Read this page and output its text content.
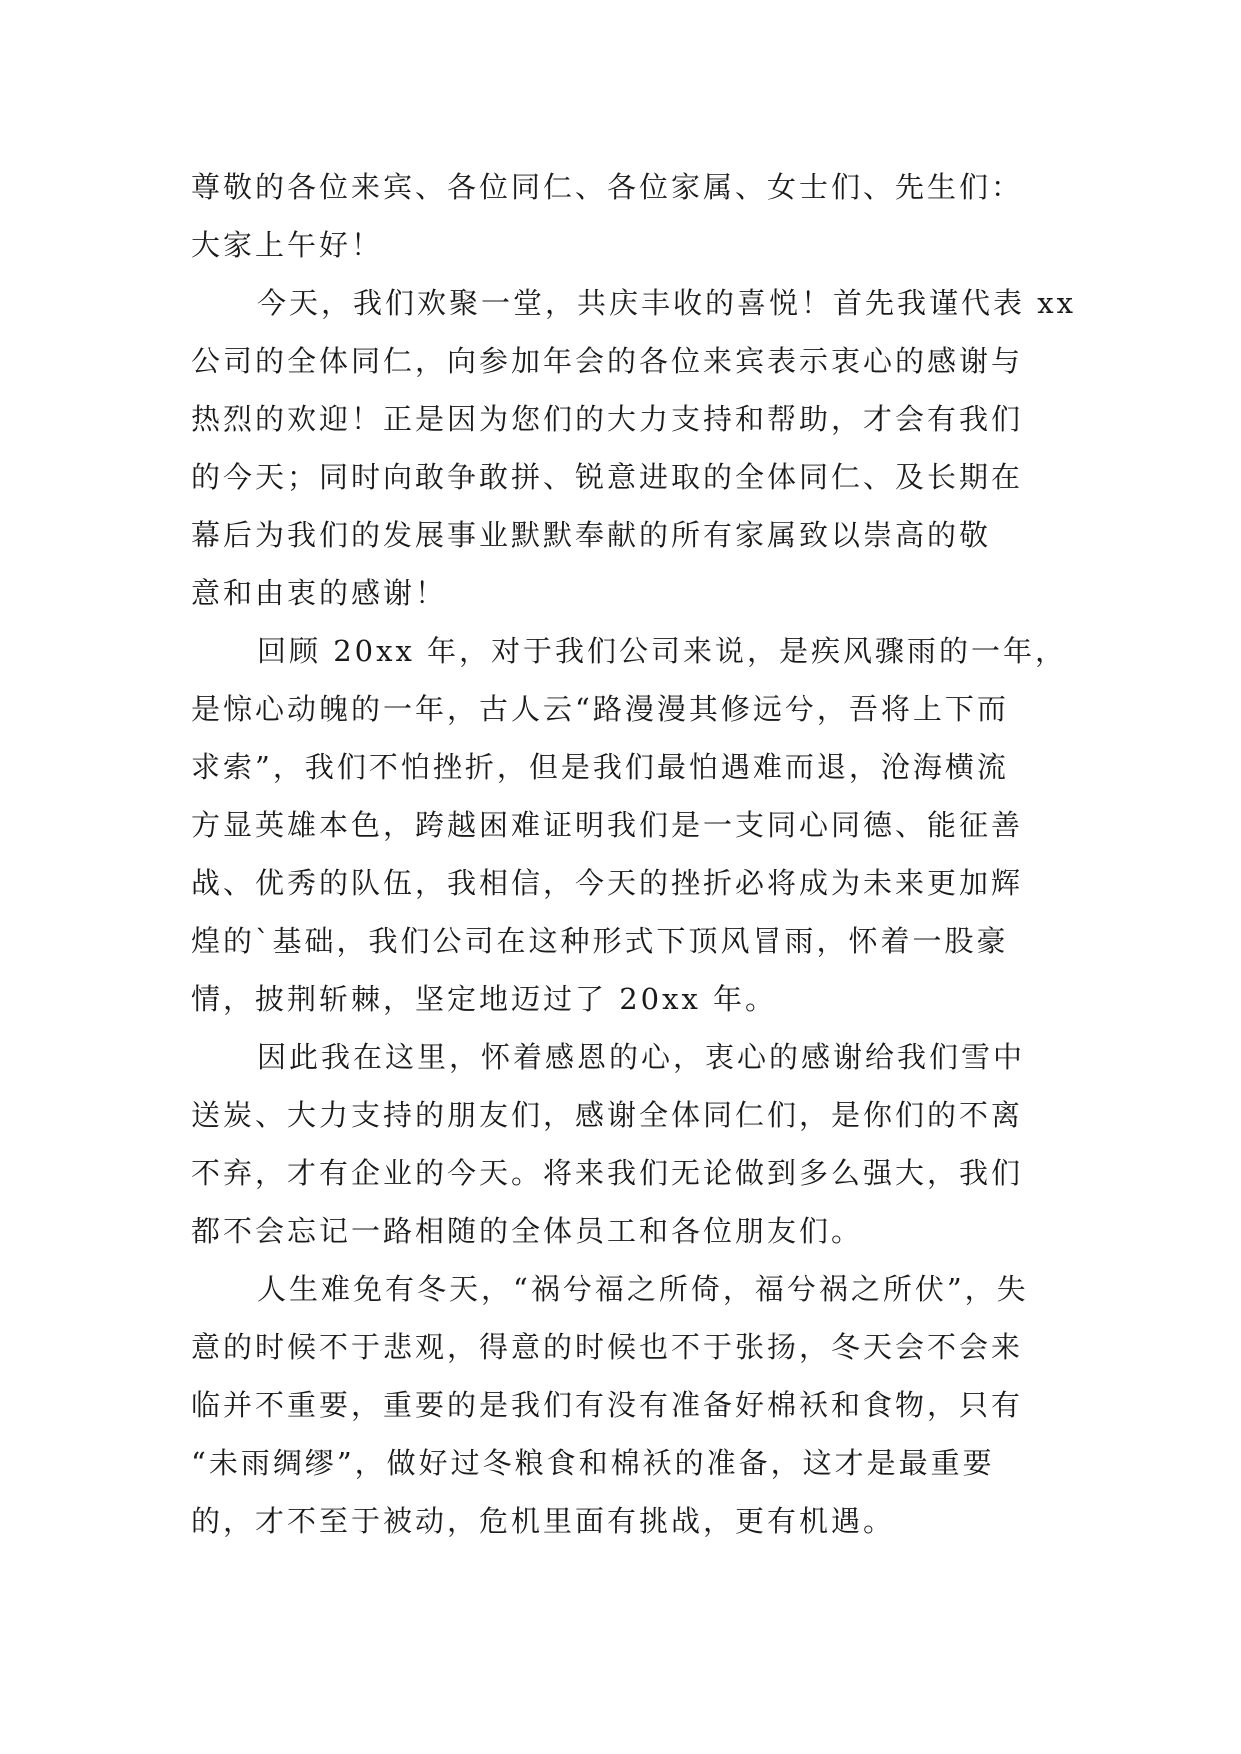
尊敬的各位来宾、各位同仁、各位家属、女士们、先生们：
大家上午好！
今天，我们欢聚一堂，共庆丰收的喜悦！首先我谨代表 xx
公司的全体同仁，向参加年会的各位来宾表示衷心的感谢与
热烈的欢迎！正是因为您们的大力支持和帮助，才会有我们
的今天；同时向敢争敢拼、锐意进取的全体同仁、及长期在
幕后为我们的发展事业默默奉献的所有家属致以崇高的敬
意和由衷的感谢！
回顾 20xx 年，对于我们公司来说，是疾风骤雨的一年，
是惊心动魄的一年，古人云“路漫漫其修远兮，吾将上下而
求索”，我们不怕挫折，但是我们最怕遇难而退，沧海横流
方显英雄本色，跨越困难证明我们是一支同心同德、能征善
战、优秀的队伍，我相信，今天的挫折必将成为未来更加辉
煌的`基础，我们公司在这种形式下顶风冒雨，怀着一股豪
情，披荆斩棘，坚定地迈过了 20xx 年。
因此我在这里，怀着感恩的心，衷心的感谢给我们雪中
送炭、大力支持的朋友们，感谢全体同仁们，是你们的不离
不弃，才有企业的今天。将来我们无论做到多么强大，我们
都不会忘记一路相随的全体员工和各位朋友们。
人生难免有冬天，“祸兮福之所倚，福兮祸之所伏”，失
意的时候不于悲观，得意的时候也不于张扬，冬天会不会来
临并不重要，重要的是我们有没有准备好棉袄和食物，只有
“未雨绸缪”，做好过冬粮食和棉袄的准备，这才是最重要
的，才不至于被动，危机里面有挑战，更有机遇。
